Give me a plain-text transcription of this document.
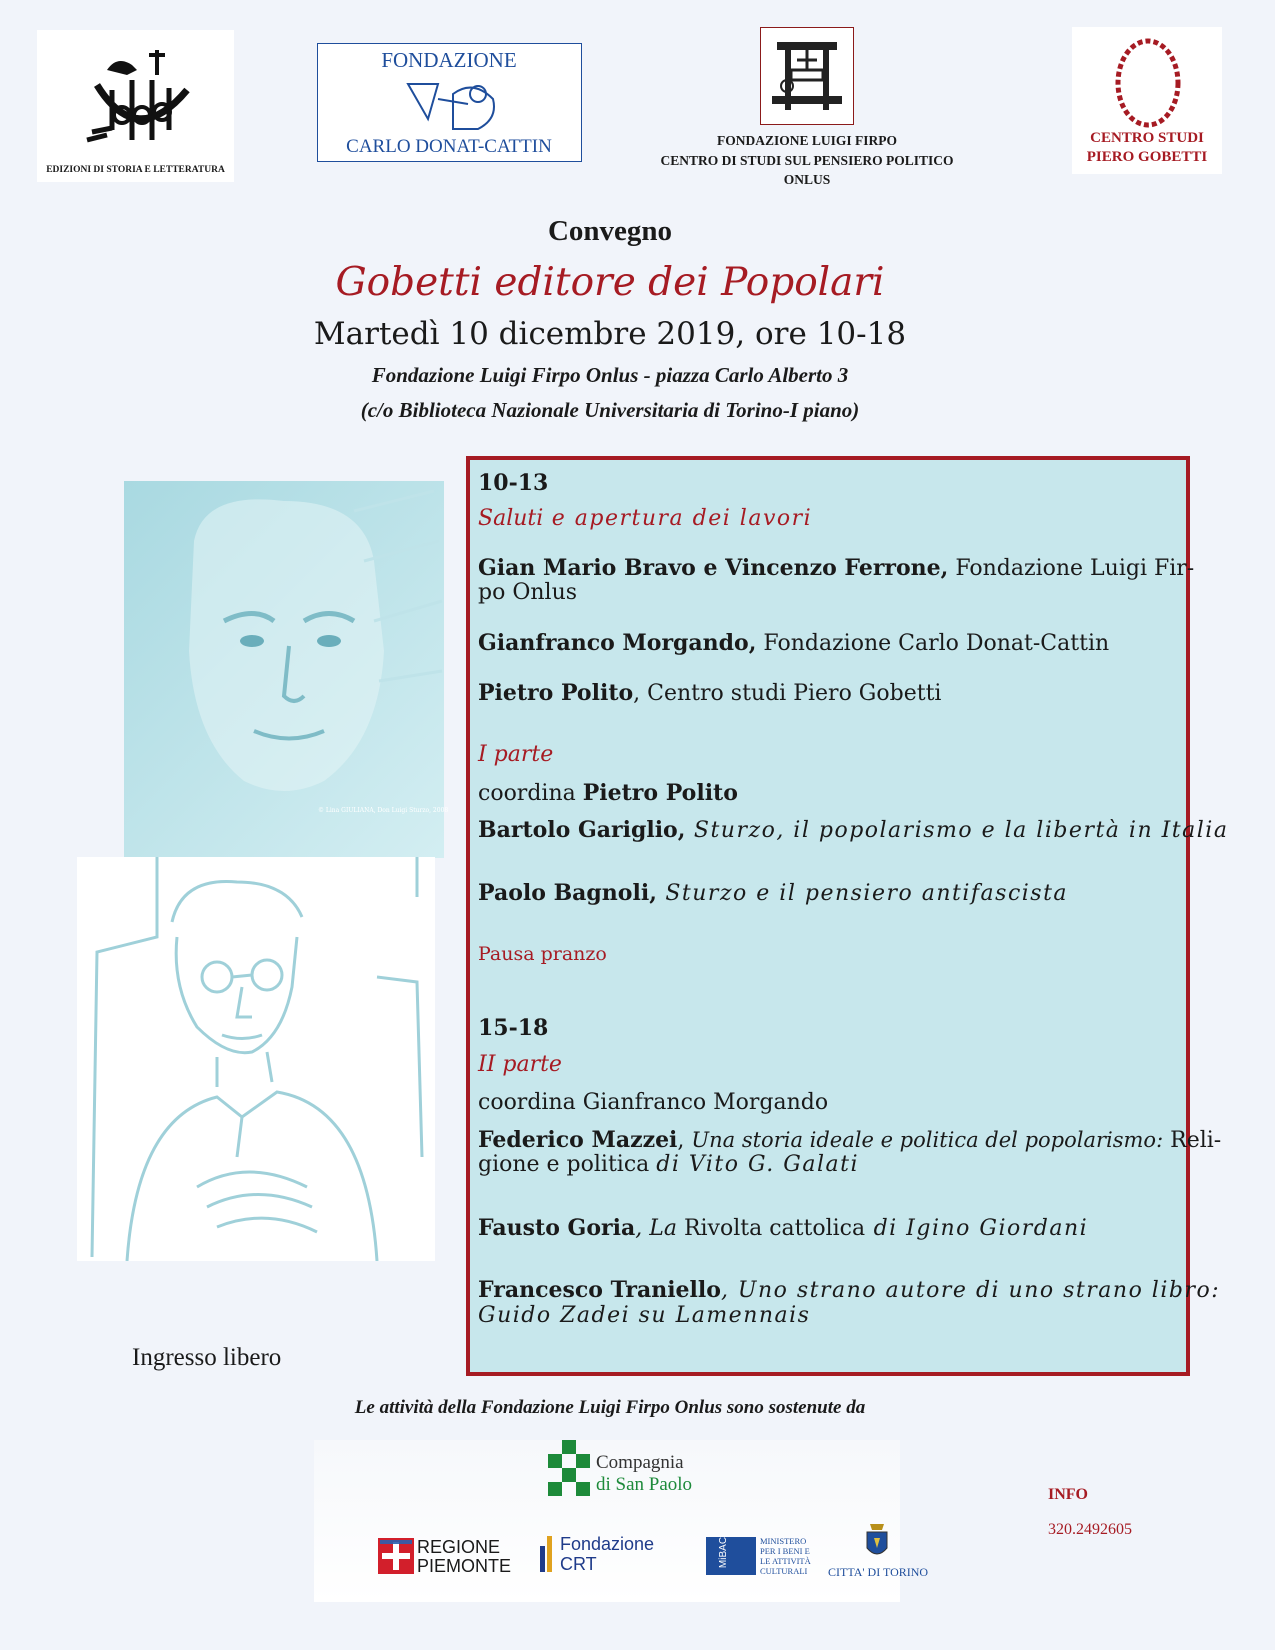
EDIZIONI DI STORIA E LETTERATURA
FONDAZIONE
CARLO DONAT-CATTIN	FONDAZIONE LUIGI FIRPO
CENTRO DI STUDI SUL PENSIERO POLITICO
ONLUS
CENTRO STUDI
PIERO GOBETTI
Convegno
Gobetti editore dei Popolari
Martedì 10 dicembre 2019, ore 10-18
Fondazione Luigi Firpo Onlus - piazza Carlo Alberto 3
(c/o Biblioteca Nazionale Universitaria di Torino-I piano)
© Lina GIULIANA, Don Luigi Sturzo, 2008
Ingresso libero
10-13
Saluti e apertura dei lavori
Gian Mario Bravo e Vincenzo Ferrone, Fondazione Luigi Fir-
po Onlus
Gianfranco Morgando, Fondazione Carlo Donat-Cattin
Pietro Polito, Centro studi Piero Gobetti
I parte
coordina Pietro Polito
Bartolo Gariglio, Sturzo, il popolarismo e la libertà in Italia
Paolo Bagnoli, Sturzo e il pensiero antifascista
Pausa pranzo
15-18
II parte
coordina Gianfranco Morgando
Federico Mazzei, Una storia ideale e politica del popolarismo: Reli-
gione e politica di Vito G. Galati
Fausto Goria, La Rivolta cattolica di Igino Giordani
Francesco Traniello, Uno strano autore di uno strano libro:
Guido Zadei su Lamennais
Le attività della Fondazione Luigi Firpo Onlus sono sostenute da
Compagnia
di San Paolo
REGIONE
PIEMONTE
Fondazione
CRT	MiBAC	MINISTERO
PER I BENI E
LE ATTIVITÀ
CULTURALI CITTA' DI TORINO
INFO
320.2492605
